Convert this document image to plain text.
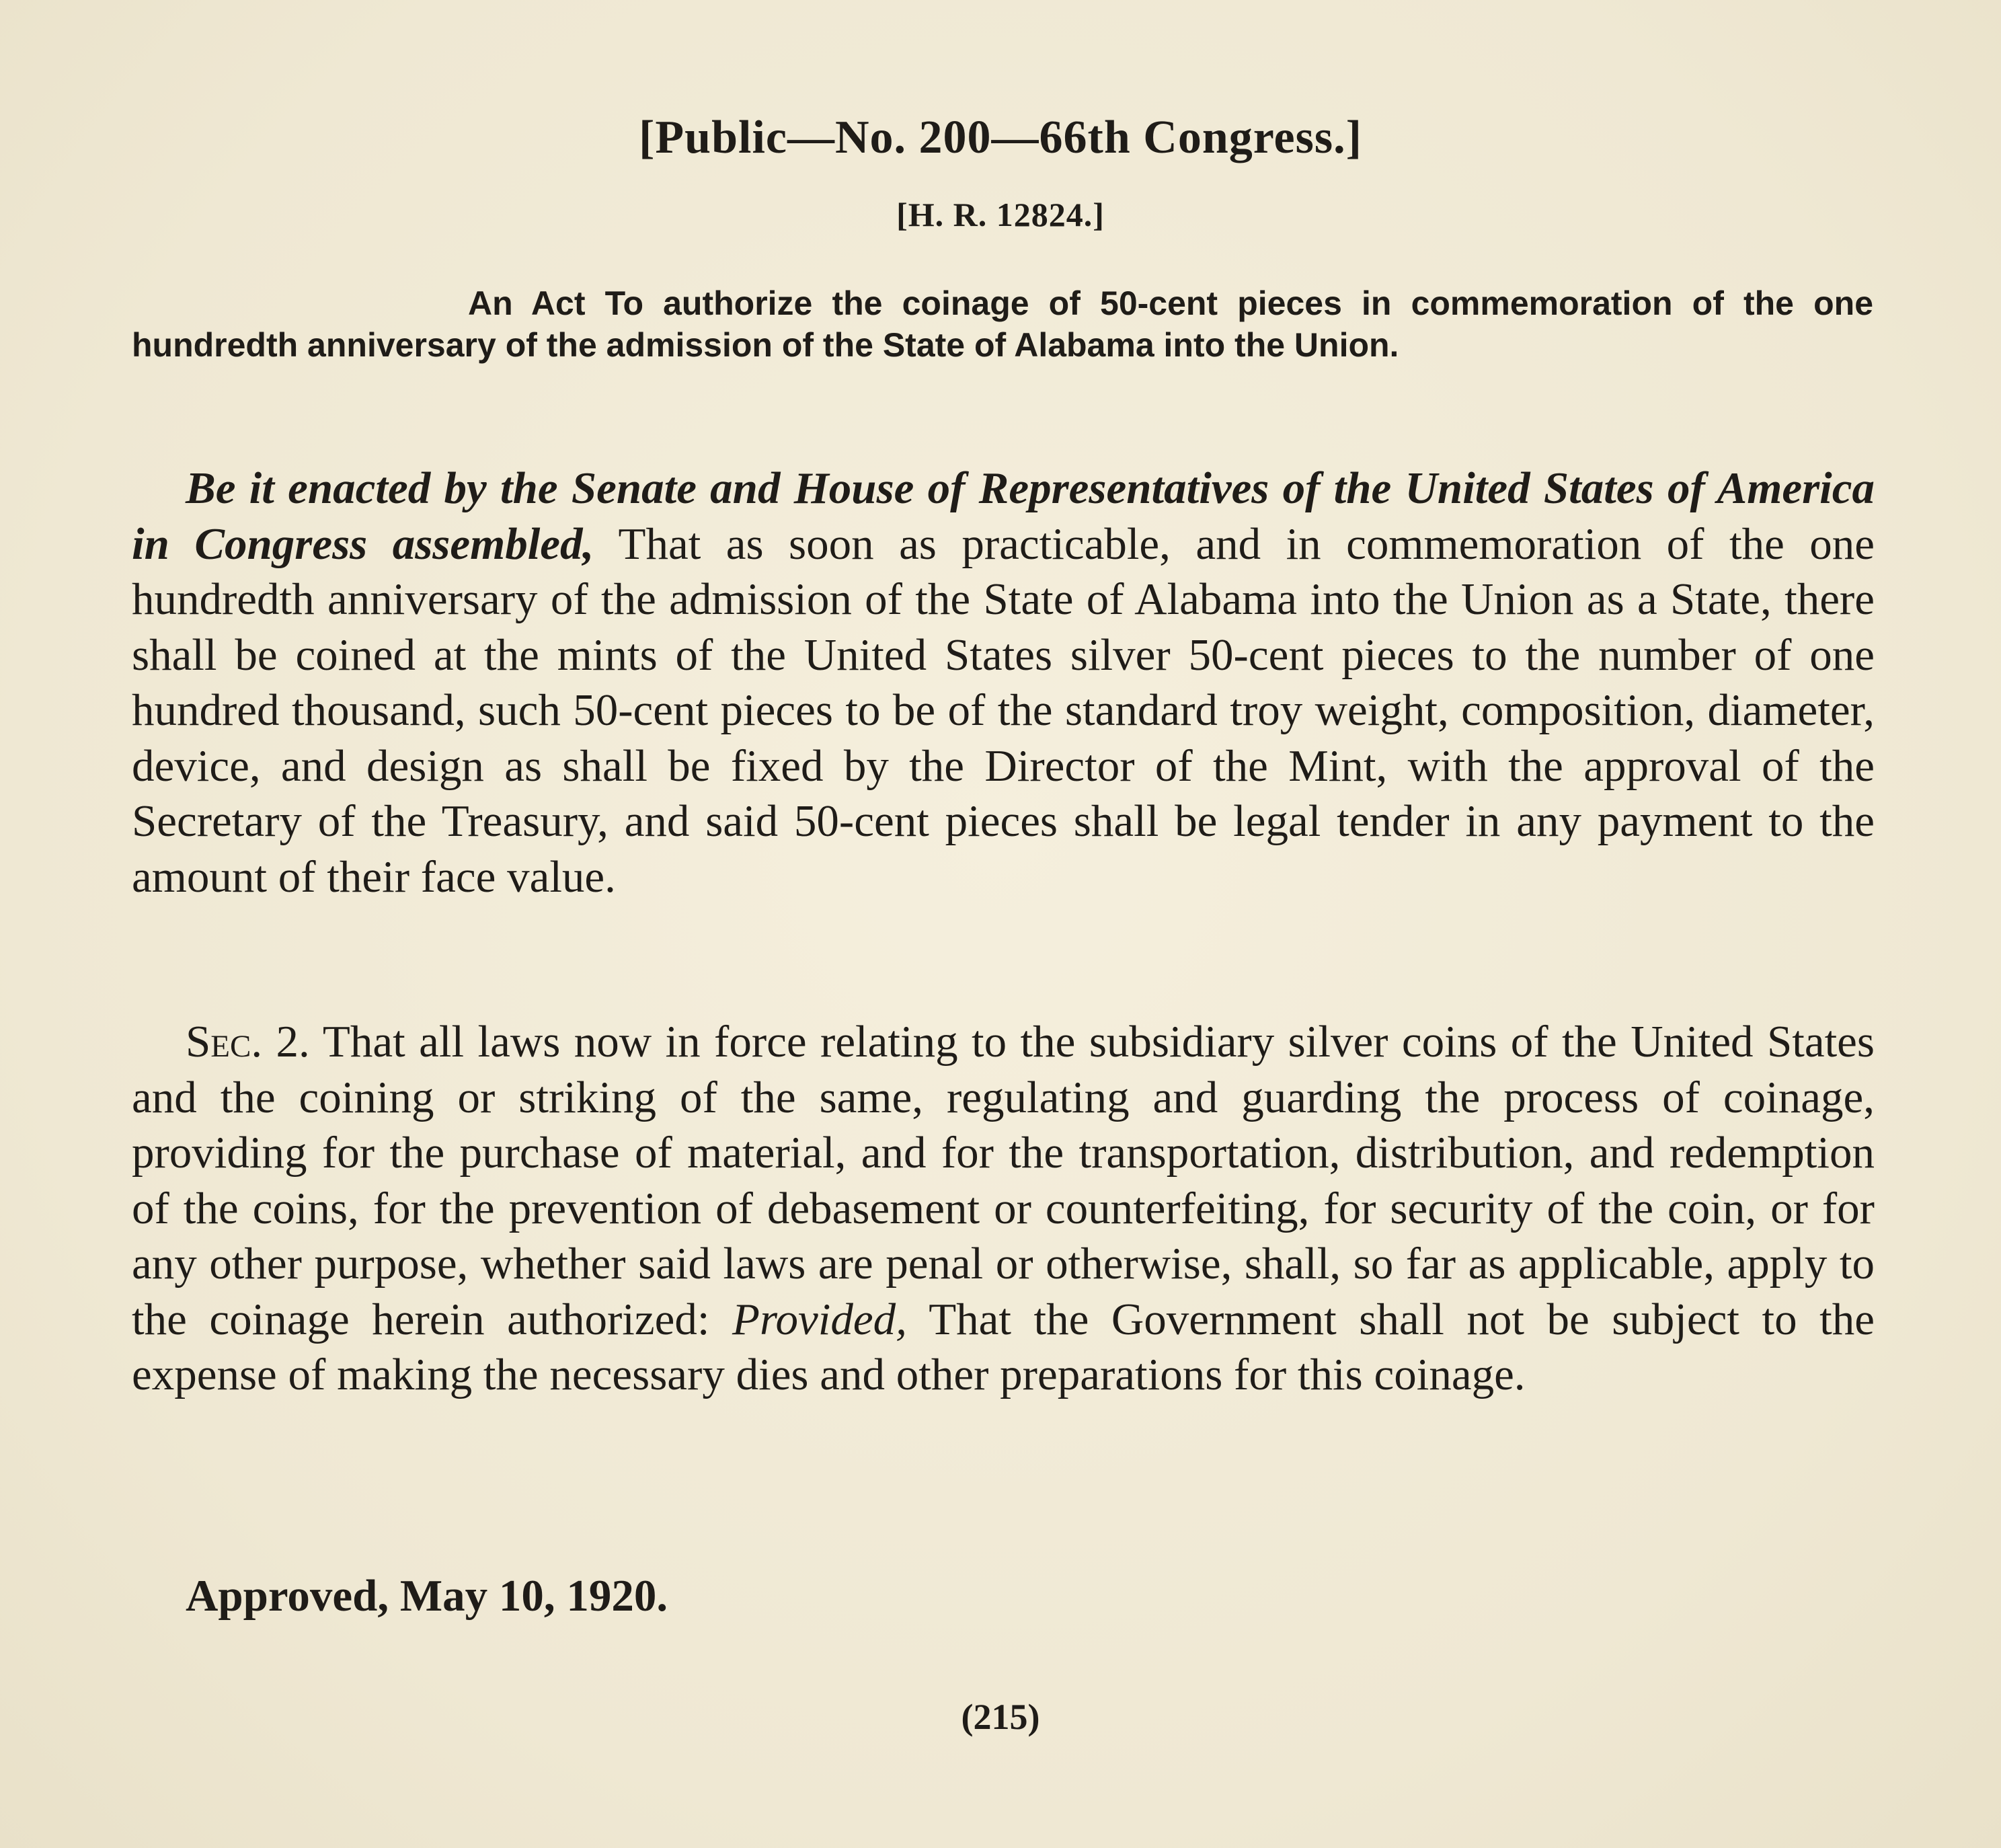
[Public—No. 200—66th Congress.]

[H. R. 12824.]

An Act To authorize the coinage of 50-cent pieces in commemoration of the one hundredth anniversary of the admission of the State of Alabama into the Union.

Be it enacted by the Senate and House of Representatives of the United States of America in Congress assembled, That as soon as practicable, and in commemoration of the one hundredth anniversary of the admission of the State of Alabama into the Union as a State, there shall be coined at the mints of the United States silver 50-cent pieces to the number of one hundred thousand, such 50-cent pieces to be of the standard troy weight, composition, diameter, device, and design as shall be fixed by the Director of the Mint, with the approval of the Secretary of the Treasury, and said 50-cent pieces shall be legal tender in any payment to the amount of their face value.

Sec. 2. That all laws now in force relating to the subsidiary silver coins of the United States and the coining or striking of the same, regulating and guarding the process of coinage, providing for the purchase of material, and for the transportation, distribution, and redemption of the coins, for the prevention of debasement or counterfeiting, for security of the coin, or for any other purpose, whether said laws are penal or otherwise, shall, so far as applicable, apply to the coinage herein authorized: Provided, That the Government shall not be subject to the expense of making the necessary dies and other preparations for this coinage.

Approved, May 10, 1920.

(215)
